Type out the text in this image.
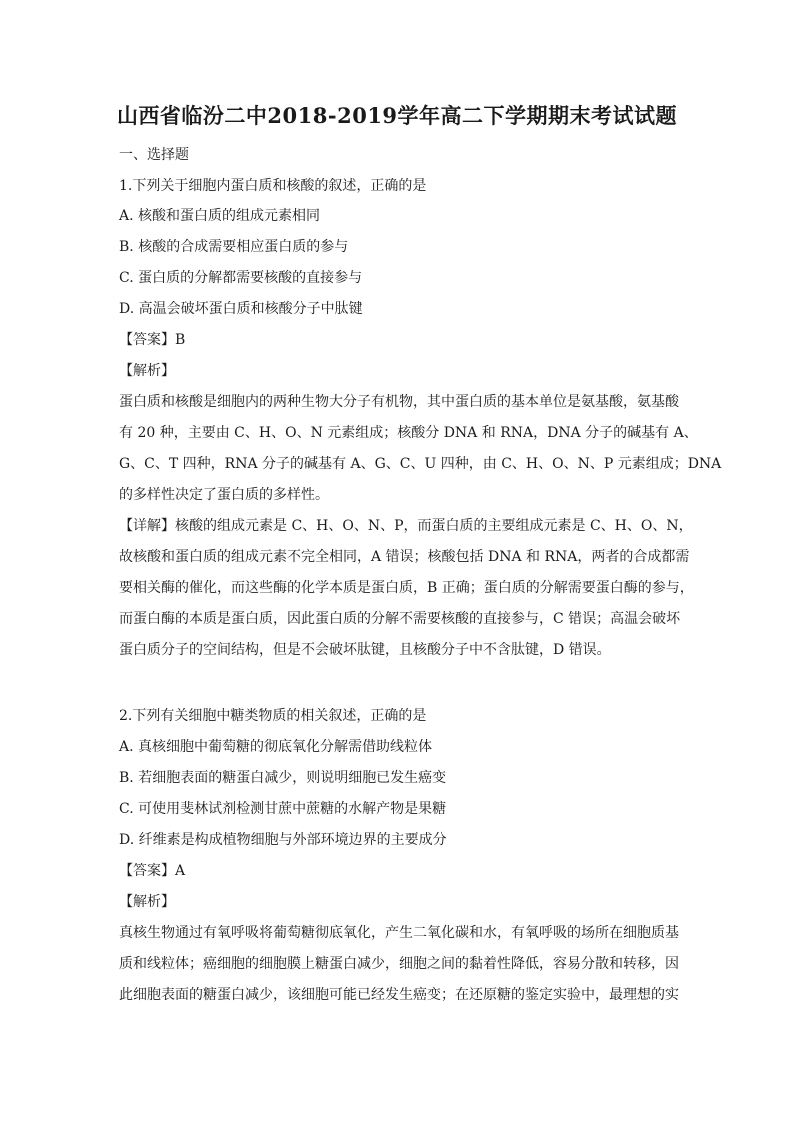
山西省临汾二中2018-2019学年高二下学期期末考试试题
一、选择题
1.下列关于细胞内蛋白质和核酸的叙述，正确的是
A. 核酸和蛋白质的组成元素相同
B. 核酸的合成需要相应蛋白质的参与
C. 蛋白质的分解都需要核酸的直接参与
D. 高温会破坏蛋白质和核酸分子中肽键
【答案】B
【解析】
蛋白质和核酸是细胞内的两种生物大分子有机物，其中蛋白质的基本单位是氨基酸，氨基酸
有 20 种，主要由 C、H、O、N 元素组成；核酸分 DNA 和 RNA，DNA 分子的碱基有 A、
G、C、T 四种，RNA 分子的碱基有 A、G、C、U 四种，由 C、H、O、N、P 元素组成；DNA
的多样性决定了蛋白质的多样性。
【详解】核酸的组成元素是 C、H、O、N、P，而蛋白质的主要组成元素是 C、H、O、N，
故核酸和蛋白质的组成元素不完全相同，A 错误；核酸包括 DNA 和 RNA，两者的合成都需
要相关酶的催化，而这些酶的化学本质是蛋白质，B 正确；蛋白质的分解需要蛋白酶的参与，
而蛋白酶的本质是蛋白质，因此蛋白质的分解不需要核酸的直接参与，C 错误；高温会破坏
蛋白质分子的空间结构，但是不会破坏肽键，且核酸分子中不含肽键，D 错误。
2.下列有关细胞中糖类物质的相关叙述，正确的是
A. 真核细胞中葡萄糖的彻底氧化分解需借助线粒体
B. 若细胞表面的糖蛋白减少，则说明细胞已发生癌变
C. 可使用斐林试剂检测甘蔗中蔗糖的水解产物是果糖
D. 纤维素是构成植物细胞与外部环境边界的主要成分
【答案】A
【解析】
真核生物通过有氧呼吸将葡萄糖彻底氧化，产生二氧化碳和水，有氧呼吸的场所在细胞质基
质和线粒体；癌细胞的细胞膜上糖蛋白减少，细胞之间的黏着性降低，容易分散和转移，因
此细胞表面的糖蛋白减少，该细胞可能已经发生癌变；在还原糖的鉴定实验中，最理想的实
